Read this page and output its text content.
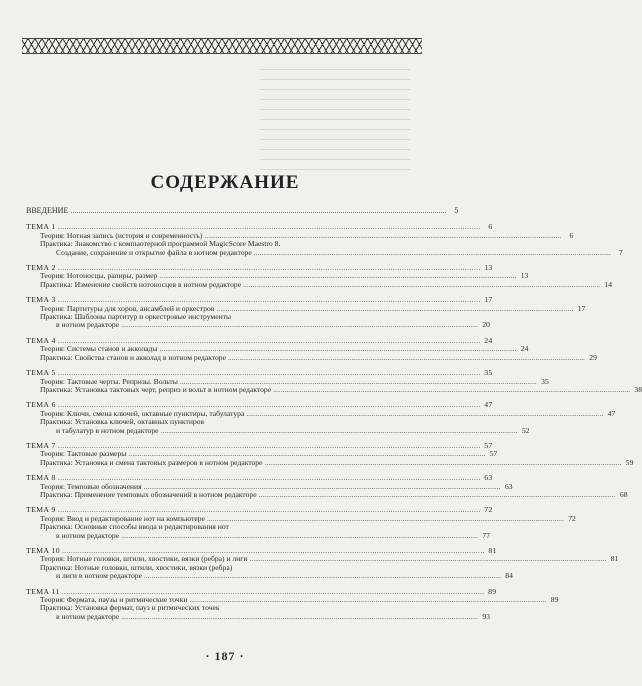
СОДЕРЖАНИЕ
ВВЕДЕНИЕ .....	5
ТЕМА 1 .....	6
Теория: Нотная запись (история и современность) .....	6
Практика: Знакомство с компьютерной программой MagicScore Maestro 8.
Создание, сохранение и открытие файла в нотном редакторе .....	7
ТЕМА 2 .....	13
Теория: Нотоносцы, рапиры, размер .....	13
Практика: Изменение свойств нотоносцев в нотном редакторе .....	14
ТЕМА 3 .....	17
Теория: Партитуры для хоров, ансамблей и оркестров .....	17
Практика: Шаблоны партитур и оркестровые инструменты
в нотном редакторе .....	20
ТЕМА 4 .....	24
Теория: Системы станов и акколады .....	24
Практика: Свойства станов и акколад в нотном редакторе .....	29
ТЕМА 5 .....	35
Теория: Тактовые черты. Репризы. Вольты .....	35
Практика: Установка тактовых черт, реприз и вольт в нотном редакторе .....	38
ТЕМА 6 .....	47
Теория: Ключи, смена ключей, октавные пунктиры, табулатура .....	47
Практика: Установка ключей, октавных пунктиров
и табулатур в нотном редакторе .....	52
ТЕМА 7 .....	57
Теория: Тактовые размеры .....	57
Практика: Установка и смена тактовых размеров в нотном редакторе .....	59
ТЕМА 8 .....	63
Теория: Темповые обозначения .....	63
Практика: Применение темповых обозначений в нотном редакторе .....	68
ТЕМА 9 .....	72
Теория: Ввод и редактирование нот на компьютере .....	72
Практика: Основные способы ввода и редактирования нот
в нотном редакторе .....	77
ТЕМА 10 .....	81
Теория: Нотные головки, штили, хвостики, вязки (ребра) и лиги .....	81
Практика: Нотные головки, штили, хвостики, вязки (ребра)
и лиги в нотном редакторе .....	84
ТЕМА 11 .....	89
Теория: Фермата, паузы и ритмические точки .....	89
Практика: Установка фермат, пауз и ритмических точек
в нотном редакторе .....	93
· 187 ·
